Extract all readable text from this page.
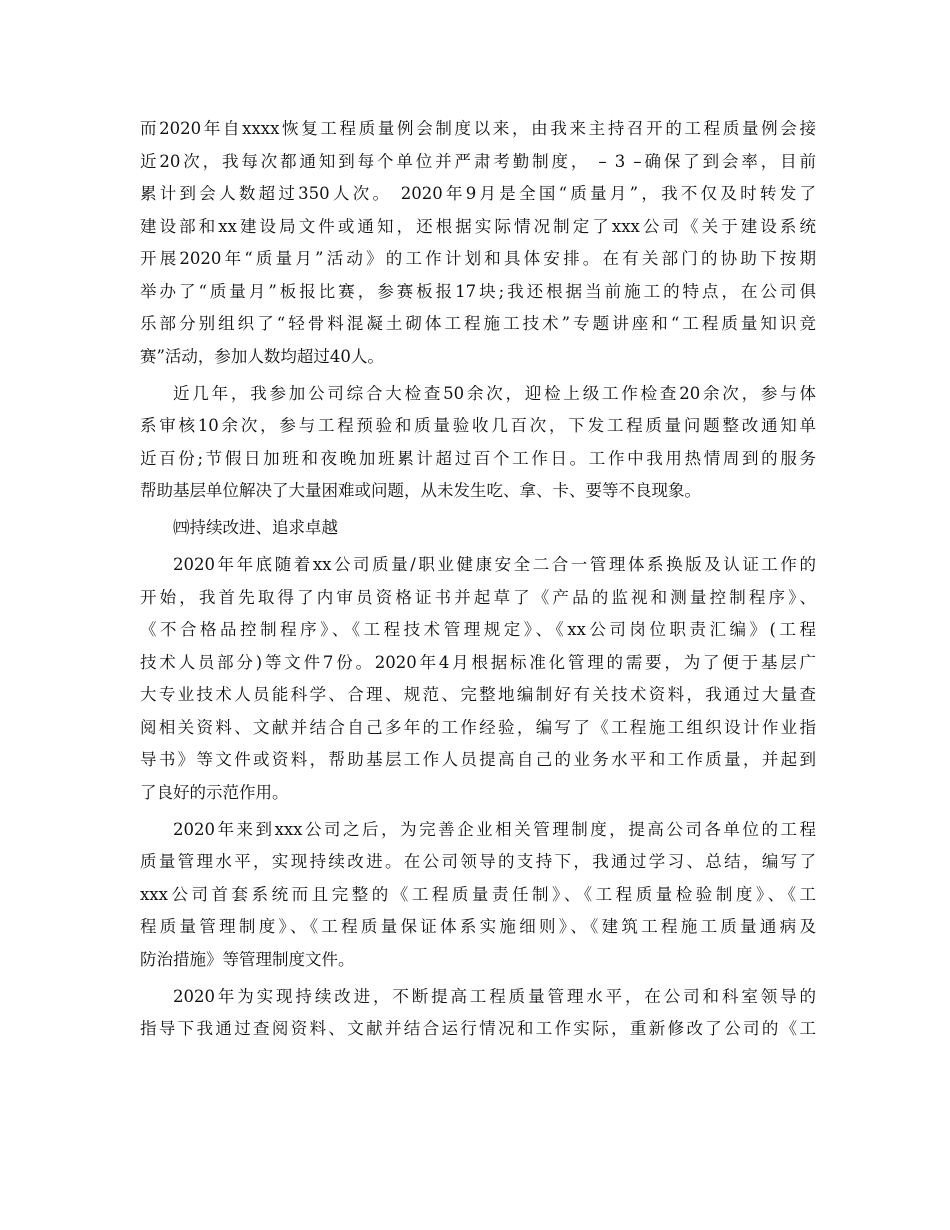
而2020年自xxxx恢复工程质量例会制度以来，由我来主持召开的工程质量例会接
近20次，我每次都通知到每个单位并严肃考勤制度， – 3 –确保了到会率，目前
累计到会人数超过350人次。 2020年9月是全国“质量月”，我不仅及时转发了
建设部和xx建设局文件或通知，还根据实际情况制定了xxx公司《关于建设系统
开展2020年“质量月”活动》的工作计划和具体安排。在有关部门的协助下按期
举办了“质量月”板报比赛，参赛板报17块;我还根据当前施工的特点，在公司俱
乐部分别组织了“轻骨料混凝土砌体工程施工技术”专题讲座和“工程质量知识竞
赛”活动，参加人数均超过40人。
近几年，我参加公司综合大检查50余次，迎检上级工作检查20余次，参与体
系审核10余次，参与工程预验和质量验收几百次，下发工程质量问题整改通知单
近百份;节假日加班和夜晚加班累计超过百个工作日。工作中我用热情周到的服务
帮助基层单位解决了大量困难或问题，从未发生吃、拿、卡、要等不良现象。
㈣持续改进、追求卓越
2020年年底随着xx公司质量/职业健康安全二合一管理体系换版及认证工作的
开始，我首先取得了内审员资格证书并起草了《产品的监视和测量控制程序》、
《不合格品控制程序》、《工程技术管理规定》、《xx公司岗位职责汇编》(工程
技术人员部分)等文件7份。2020年4月根据标准化管理的需要，为了便于基层广
大专业技术人员能科学、合理、规范、完整地编制好有关技术资料，我通过大量查
阅相关资料、文献并结合自己多年的工作经验，编写了《工程施工组织设计作业指
导书》等文件或资料，帮助基层工作人员提高自己的业务水平和工作质量，并起到
了良好的示范作用。
2020年来到xxx公司之后，为完善企业相关管理制度，提高公司各单位的工程
质量管理水平，实现持续改进。在公司领导的支持下，我通过学习、总结，编写了
xxx公司首套系统而且完整的《工程质量责任制》、《工程质量检验制度》、《工
程质量管理制度》、《工程质量保证体系实施细则》、《建筑工程施工质量通病及
防治措施》等管理制度文件。
2020年为实现持续改进，不断提高工程质量管理水平，在公司和科室领导的
指导下我通过查阅资料、文献并结合运行情况和工作实际，重新修改了公司的《工
